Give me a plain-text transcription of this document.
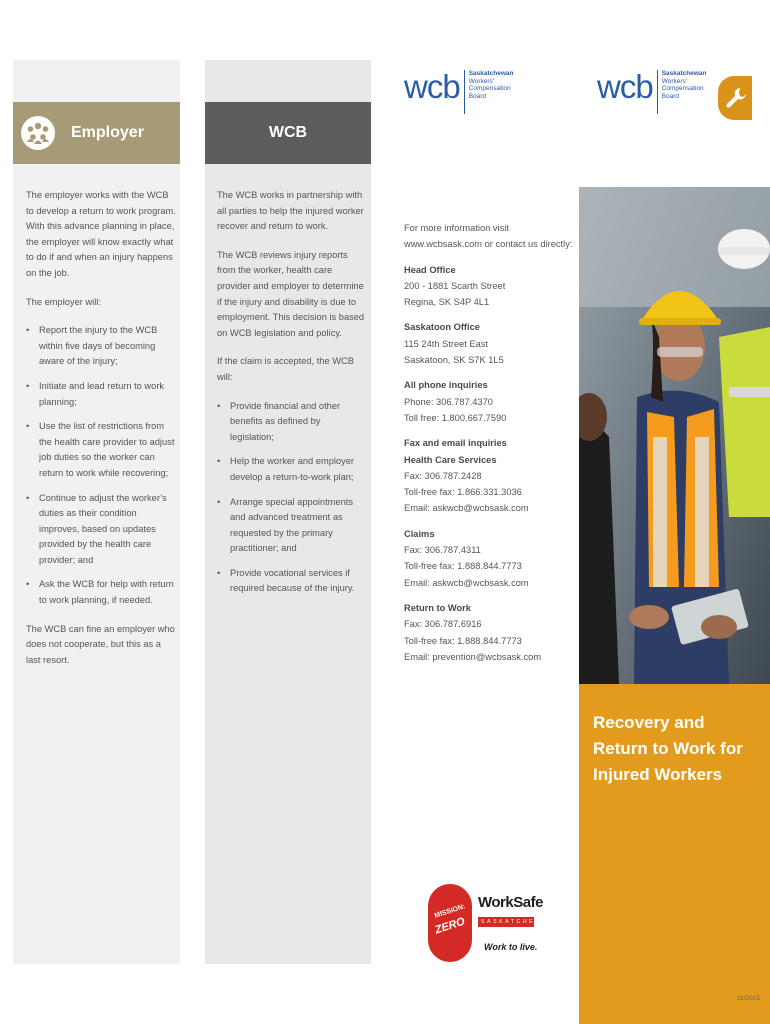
Employer	WCB

The employer works with the WCB to develop a return to work program. With this advance planning in place, the employer will know exactly what to do if and when an injury happens on the job.

The employer will:

• Report the injury to the WCB within five days of becoming aware of the injury;
• Initiate and lead return to work planning;
• Use the list of restrictions from the health care provider to adjust job duties so the worker can return to work while recovering;
• Continue to adjust the worker’s duties as their condition improves, based on updates provided by the health care provider; and
• Ask the WCB for help with return to work planning, if needed.

The WCB can fine an employer who does not cooperate, but this as a last resort.

The WCB works in partnership with all parties to help the injured worker recover and return to work.

The WCB reviews injury reports from the worker, health care provider and employer to determine if the injury and disability is due to employment. This decision is based on WCB legislation and policy.

If the claim is accepted, the WCB will:

• Provide financial and other benefits as defined by legislation;
• Help the worker and employer develop a return-to-work plan;
• Arrange special appointments and advanced treatment as requested by the primary practitioner; and
• Provide vocational services if required because of the injury.
wcb Saskatchewan
Workers’
Compensation
Board	wcb Saskatchewan
Workers’
Compensation
Board
For more information visit www.wcbsask.com or contact us directly:
Head Office
200 - 1881 Scarth Street
Regina, SK S4P 4L1
Saskatoon Office
115 24th Street East
Saskatoon, SK S7K 1L5
All phone inquiries
Phone: 306.787.4370
Toll free: 1.800.667.7590
Fax and email inquiries
Health Care Services
Fax: 306.787.2428
Toll-free fax: 1.866.331.3036
Email: askwcb@wcbsask.com
Claims
Fax: 306.787.4311
Toll-free fax: 1.888.844.7773
Email: askwcb@wcbsask.com
Return to Work
Fax: 306.787.6916
Toll-free fax: 1.888.844.7773
Email: prevention@wcbsask.com
Recovery and Return to Work for Injured Workers
MISSION:
ZERO
WorkSafe
SASKATCHEWAN
Work to live.
11/2015
